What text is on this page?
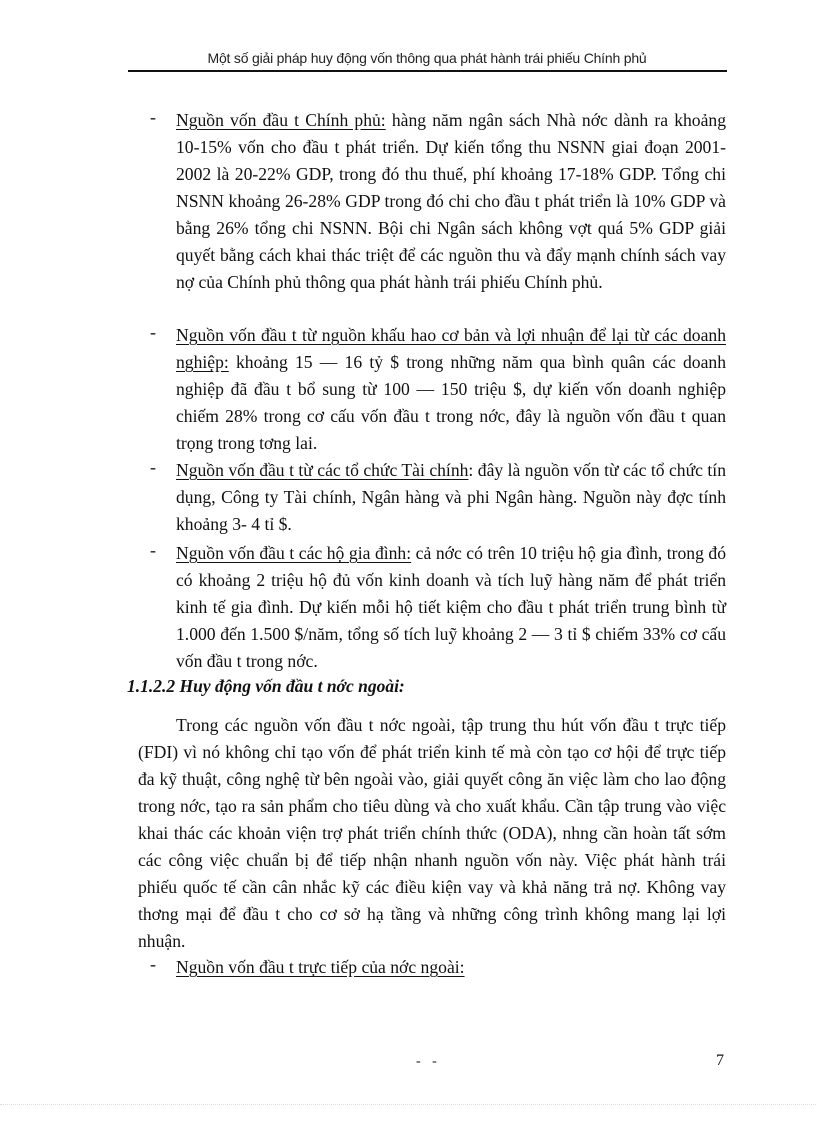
Một số giải pháp huy động vốn thông qua phát hành trái phiếu Chính phủ
- Nguồn vốn đầu t Chính phủ: hàng năm ngân sách Nhà nớc dành ra khoảng 10-15% vốn cho đầu t phát triển. Dự kiến tổng thu NSNN giai đoạn 2001-2002 là 20-22% GDP, trong đó thu thuế, phí khoảng 17-18% GDP. Tổng chi NSNN khoảng 26-28% GDP trong đó chi cho đầu t phát triển là 10% GDP và bằng 26% tổng chi NSNN. Bội chi Ngân sách không vợt quá 5% GDP giải quyết bằng cách khai thác triệt để các nguồn thu và đẩy mạnh chính sách vay nợ của Chính phủ thông qua phát hành trái phiếu Chính phủ.
- Nguồn vốn đầu t từ nguồn khấu hao cơ bản và lợi nhuận để lại từ các doanh nghiệp: khoảng 15 — 16 tỷ $ trong những năm qua bình quân các doanh nghiệp đã đầu t bổ sung từ 100 — 150 triệu $, dự kiến vốn doanh nghiệp chiếm 28% trong cơ cấu vốn đầu t trong nớc, đây là nguồn vốn đầu t quan trọng trong tơng lai.
- Nguồn vốn đầu t từ các tổ chức Tài chính: đây là nguồn vốn từ các tổ chức tín dụng, Công ty Tài chính, Ngân hàng và phi Ngân hàng. Nguồn này đợc tính khoảng 3- 4 tỉ $.
- Nguồn vốn đầu t các hộ gia đình: cả nớc có trên 10 triệu hộ gia đình, trong đó có khoảng 2 triệu hộ đủ vốn kinh doanh và tích luỹ hàng năm để phát triển kinh tế gia đình. Dự kiến mỗi hộ tiết kiệm cho đầu t phát triển trung bình từ 1.000 đến 1.500 $/năm, tổng số tích luỹ khoảng 2 — 3 tỉ $ chiếm 33% cơ cấu vốn đầu t trong nớc.
1.1.2.2 Huy động vốn đầu t nớc ngoài:
Trong các nguồn vốn đầu t nớc ngoài, tập trung thu hút vốn đầu t trực tiếp (FDI) vì nó không chỉ tạo vốn để phát triển kinh tế mà còn tạo cơ hội để trực tiếp đa kỹ thuật, công nghệ từ bên ngoài vào, giải quyết công ăn việc làm cho lao động trong nớc, tạo ra sản phẩm cho tiêu dùng và cho xuất khẩu. Cần tập trung vào việc khai thác các khoản viện trợ phát triển chính thức (ODA), nhng cần hoàn tất sớm các công việc chuẩn bị để tiếp nhận nhanh nguồn vốn này. Việc phát hành trái phiếu quốc tế cần cân nhắc kỹ các điều kiện vay và khả năng trả nợ. Không vay thơng mại để đầu t cho cơ sở hạ tầng và những công trình không mang lại lợi nhuận.
- Nguồn vốn đầu t trực tiếp của nớc ngoài:
- -	7
